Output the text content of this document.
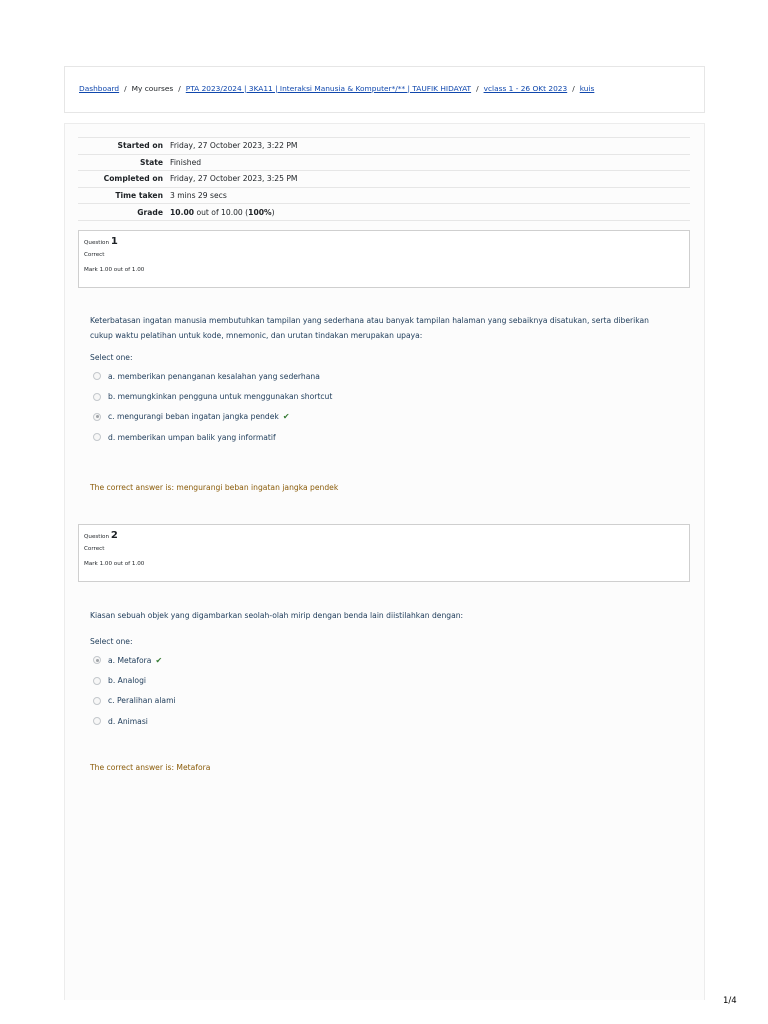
Dashboard / My courses / PTA 2023/2024 | 3KA11 | Interaksi Manusia & Komputer*/** | TAUFIK HIDAYAT / vclass 1 - 26 OKt 2023 / kuis
Started on	Friday, 27 October 2023, 3:22 PM
State	Finished
Completed on	Friday, 27 October 2023, 3:25 PM
Time taken	3 mins 29 secs
Grade	10.00 out of 10.00 (100%)
Question 1
Correct
Mark 1.00 out of 1.00
Keterbatasan ingatan manusia membutuhkan tampilan yang sederhana atau banyak tampilan halaman yang sebaiknya disatukan, serta diberikan cukup waktu pelatihan untuk kode, mnemonic, dan urutan tindakan merupakan upaya:
Select one:
a. memberikan penanganan kesalahan yang sederhana
b. memungkinkan pengguna untuk menggunakan shortcut
c. mengurangi beban ingatan jangka pendek ✔
d. memberikan umpan balik yang informatif
The correct answer is: mengurangi beban ingatan jangka pendek
Question 2
Correct
Mark 1.00 out of 1.00
Kiasan sebuah objek yang digambarkan seolah-olah mirip dengan benda lain diistilahkan dengan:
Select one:
a. Metafora ✔
b. Analogi
c. Peralihan alami
d. Animasi
The correct answer is: Metafora
1/4
